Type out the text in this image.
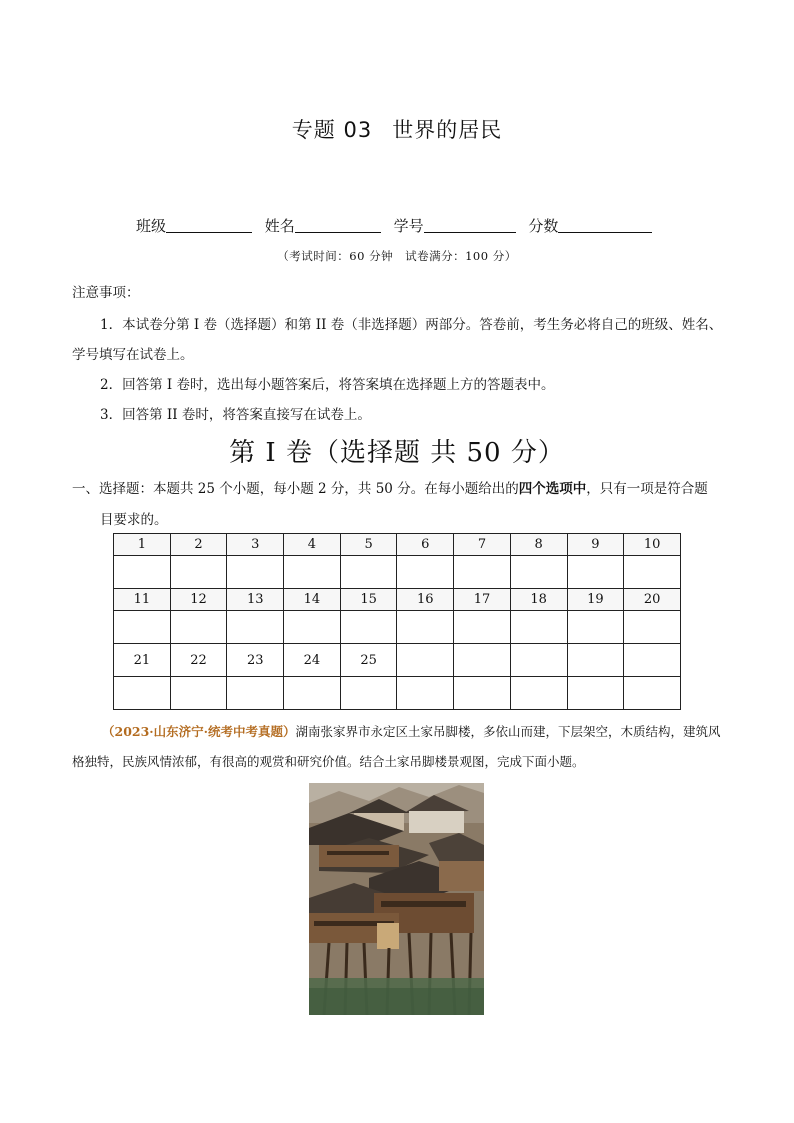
专题 03 世界的居民
班级	姓名	学号	分数
（考试时间：60 分钟　试卷满分：100 分）
注意事项：
1．本试卷分第 I 卷（选择题）和第 II 卷（非选择题）两部分。答卷前，考生务必将自己的班级、姓名、
学号填写在试卷上。
2．回答第 I 卷时，选出每小题答案后，将答案填在选择题上方的答题表中。
3．回答第 II 卷时，将答案直接写在试卷上。
第 I 卷（选择题 共 50 分）
一、选择题：本题共 25 个小题，每小题 2 分，共 50 分。在每小题给出的四个选项中，只有一项是符合题
目要求的。
1	2	3	4	5	6	7	8	9	10

11	12	13	14	15	16	17	18	19	20

21	22	23	24	25					

（2023·山东济宁·统考中考真题）湖南张家界市永定区土家吊脚楼，多依山而建，下层架空，木质结构，建筑风格独特，民族风情浓郁，有很高的观赏和研究价值。结合土家吊脚楼景观图，完成下面小题。
